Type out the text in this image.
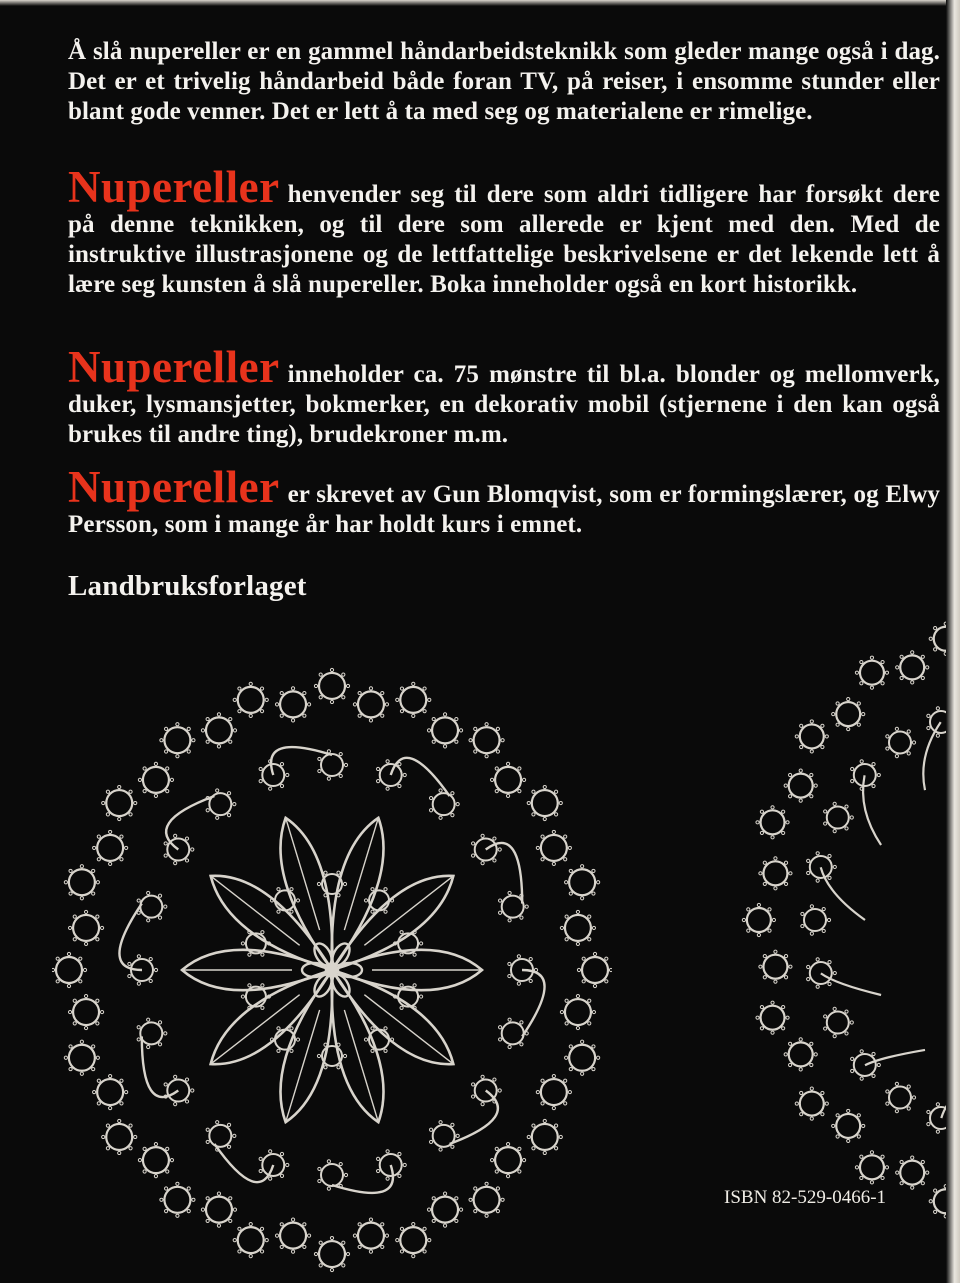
Å slå nupereller er en gammel håndarbeidsteknikk som gleder mange også i dag. Det er et trivelig håndarbeid både foran TV, på reiser, i ensomme stunder eller blant gode venner. Det er lett å ta med seg og materialene er rimelige.
Nupereller henvender seg til dere som aldri tidligere har forsøkt dere på denne teknikken, og til dere som allerede er kjent med den. Med de instruktive illustrasjonene og de lettfattelige beskrivelsene er det lekende lett å lære seg kunsten å slå nupereller. Boka inneholder også en kort historikk.
Nupereller inneholder ca. 75 mønstre til bl.a. blonder og mellomverk, duker, lysmansjetter, bokmerker, en dekorativ mobil (stjernene i den kan også brukes til andre ting), brudekroner m.m.
Nupereller er skrevet av Gun Blomqvist, som er formingslærer, og Elwy Persson, som i mange år har holdt kurs i emnet.
Landbruksforlaget
ISBN 82-529-0466-1
